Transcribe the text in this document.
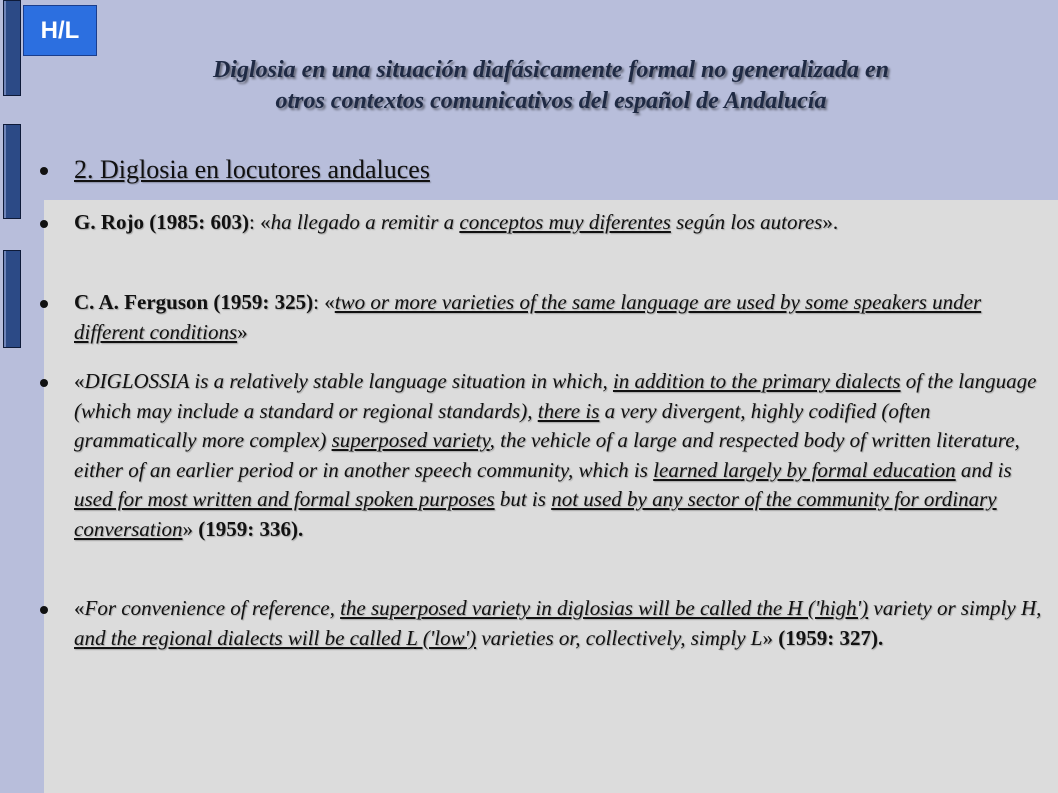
H/L
Diglosia en una situación diafásicamente formal no generalizada en
otros contextos comunicativos del español de Andalucía
2. Diglosia en locutores andaluces
G. Rojo (1985: 603): «ha llegado a remitir a conceptos muy diferentes según los autores».
C. A. Ferguson (1959: 325): «two or more varieties of the same language are used by some speakers under different conditions»
«DIGLOSSIA is a relatively stable language situation in which, in addition to the primary dialects of the language (which may include a standard or regional standards), there is a very divergent, highly codified (often grammatically more complex) superposed variety, the vehicle of a large and respected body of written literature, either of an earlier period or in another speech community, which is learned largely by formal education and is used for most written and formal spoken purposes but is not used by any sector of the community for ordinary conversation» (1959: 336).
«For convenience of reference, the superposed variety in diglosias will be called the H ('high') variety or simply H, and the regional dialects will be called L ('low') varieties or, collectively, simply L» (1959: 327).
